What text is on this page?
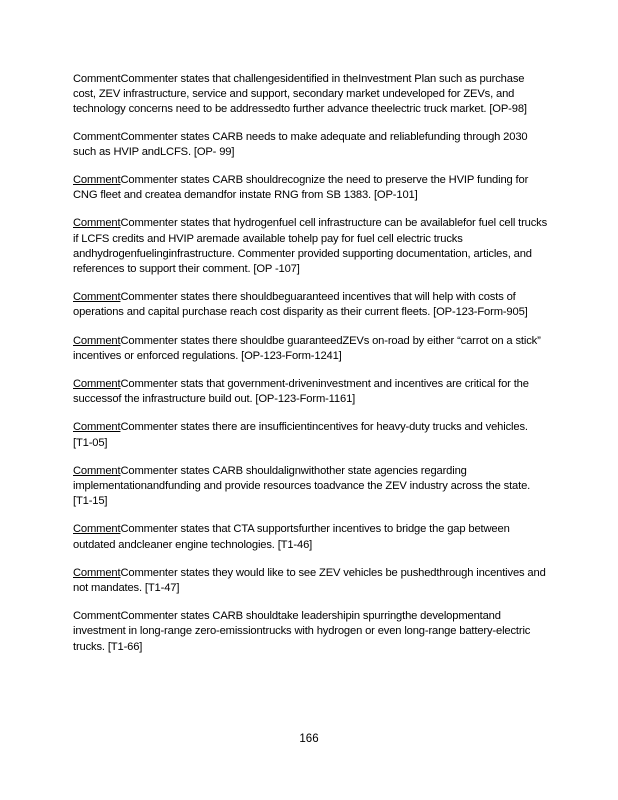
CommentCommenter states that challengesidentified in theInvestment Plan such as purchase cost, ZEV infrastructure, service and support, secondary market undeveloped for ZEVs, and technology concerns need to be addressedto further advance theelectric truck market. [OP-98]

CommentCommenter states CARB needs to make adequate and reliablefunding through 2030 such as HVIP andLCFS. [OP- 99]

CommentCommenter states CARB shouldrecognize the need to preserve the HVIP funding for CNG fleet and createa demandfor instate RNG from SB 1383. [OP-101]

CommentCommenter states that hydrogenfuel cell infrastructure can be availablefor fuel cell trucks if LCFS credits and HVIP aremade available tohelp pay for fuel cell electric trucks andhydrogenfuelinginfrastructure. Commenter provided supporting documentation, articles, and references to support their comment. [OP -107]

CommentCommenter states there shouldbeguaranteed incentives that will help with costs of operations and capital purchase reach cost disparity as their current fleets. [OP-123-Form-905]

CommentCommenter states there shouldbe guaranteedZEVs on-road by either “carrot on a stick” incentives or enforced regulations. [OP-123-Form-1241]

CommentCommenter stats that government-driveninvestment and incentives are critical for the successof the infrastructure build out. [OP-123-Form-1161]

CommentCommenter states there are insufficientincentives for heavy-duty trucks and vehicles. [T1-05]

CommentCommenter states CARB shouldalignwithother state agencies regarding implementationandfunding and provide resources toadvance the ZEV industry across the state. [T1-15]

CommentCommenter states that CTA supportsfurther incentives to bridge the gap between outdated andcleaner engine technologies. [T1-46]

CommentCommenter states they would like to see ZEV vehicles be pushedthrough incentives and not mandates. [T1-47]

CommentCommenter states CARB shouldtake leadershipin spurringthe developmentand investment in long-range zero-emissiontrucks with hydrogen or even long-range battery-electric trucks. [T1-66]

166
